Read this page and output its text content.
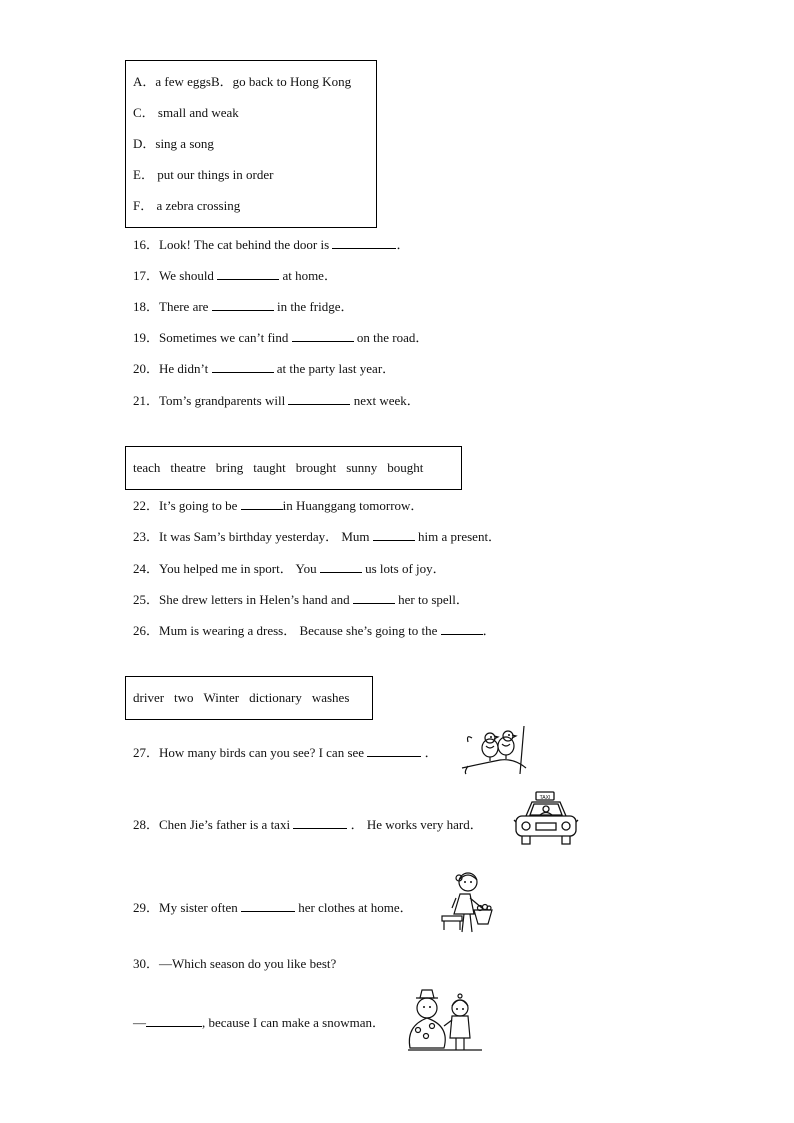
A．a few eggsB．go back to Hong Kong
C． small and weak
D．sing a song
E． put our things in order
F． a zebra crossing
16．Look! The cat behind the door is	．
17．We should	at home．
18．There are	in the fridge．
19．Sometimes we can’t find	on the road．
20．He didn’t	at the party last year．
21．Tom’s grandparents will	next week．
teach theatre bring taught brought sunny bought
22．It’s going to be	in Huanggang tomorrow．
23．It was Sam’s birthday yesterday． Mum	him a present．
24．You helped me in sport． You	us lots of joy．
25．She drew letters in Helen’s hand and	her to spell．
26．Mum is wearing a dress． Because she’s going to the	．
driver two Winter dictionary washes
27．How many birds can you see? I can see	．
28．Chen Jie’s father is a taxi	． He works very hard．
TAXI
29．My sister often	her clothes at home．
30．—Which season do you like best?
—	, because I can make a snowman．
